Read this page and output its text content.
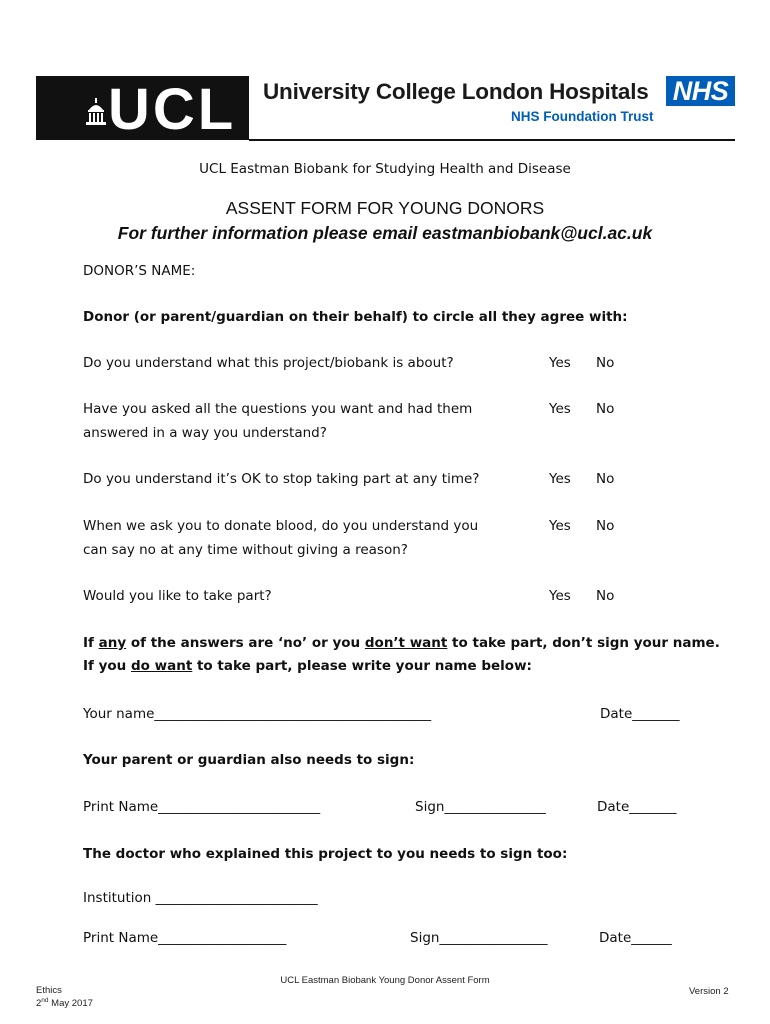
UCL University College London Hospitals
NHS Foundation Trust
NHS
UCL Eastman Biobank for Studying Health and Disease
ASSENT FORM FOR YOUNG DONORS
For further information please email eastmanbiobank@ucl.ac.uk
DONOR’S NAME:
Donor (or parent/guardian on their behalf) to circle all they agree with:
Do you understand what this project/biobank is about?	Yes No
Have you asked all the questions you want and had them
answered in a way you understand?
Yes No
Do you understand it’s OK to stop taking part at any time?	Yes No
When we ask you to donate blood, do you understand you
can say no at any time without giving a reason?
Yes No
Would you like to take part?	Yes No
If any of the answers are ‘no’ or you don’t want to take part, don’t sign your name.
If you do want to take part, please write your name below:
Your name_________________________________________	Date_______
Your parent or guardian also needs to sign:
Print Name________________________	Sign_______________	Date_______
The doctor who explained this project to you needs to sign too:
Institution ________________________
Print Name___________________	Sign________________	Date______
UCL Eastman Biobank Young Donor Assent Form
Ethics
2nd May 2017
Version 2
